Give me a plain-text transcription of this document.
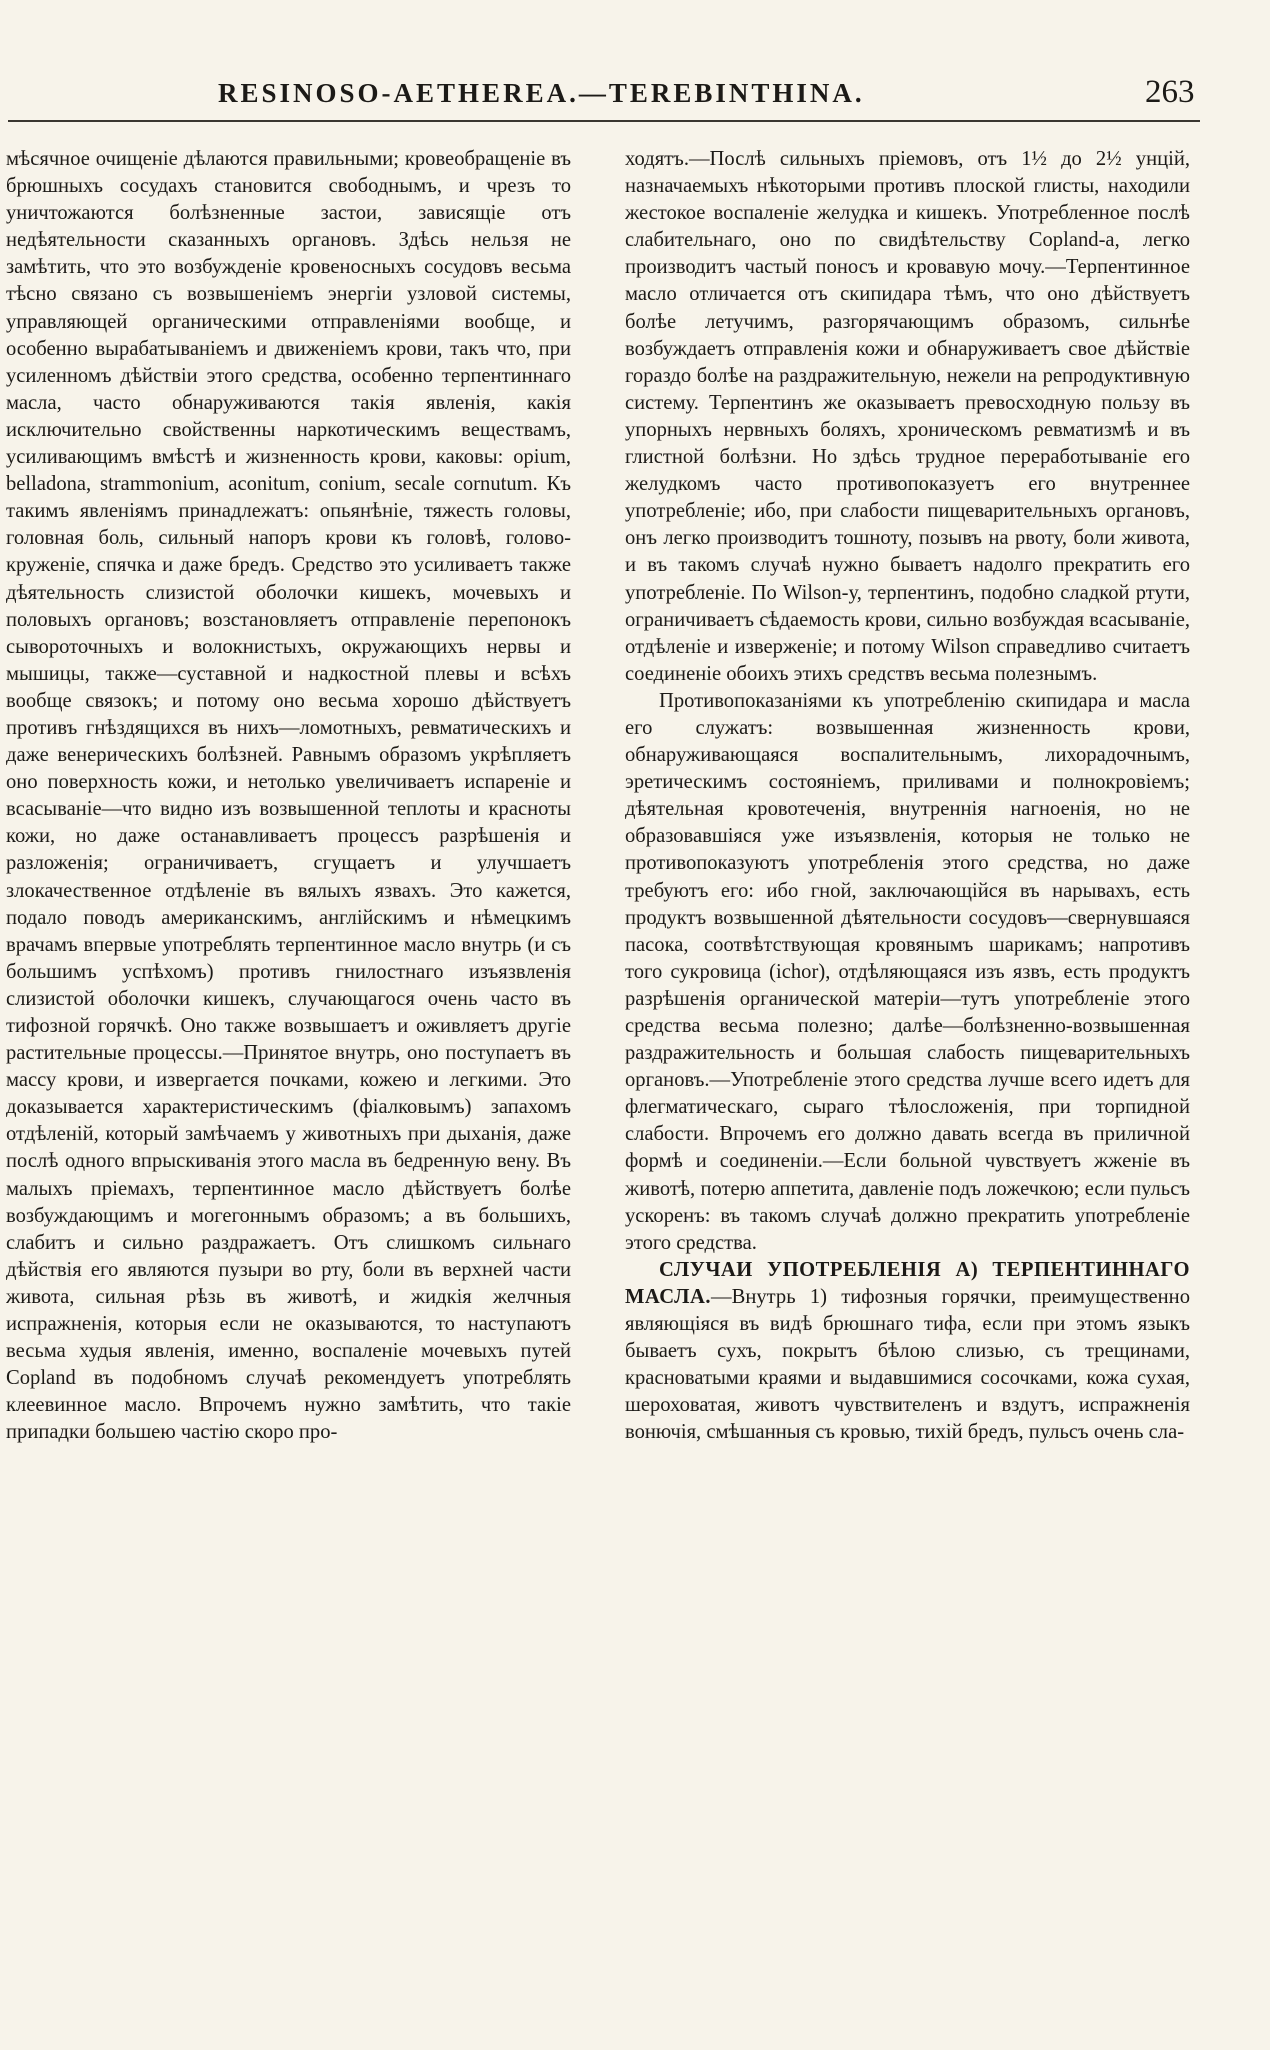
RESINOSO-AETHEREA.—TEREBINTHINA.	263

мѣсячное очищеніе дѣлаются правильными; кровеобращеніе въ брюшныхъ сосудахъ становится свободнымъ, и чрезъ то уничтожаются болѣзненные застои, зависящіе отъ недѣятельности сказанныхъ органовъ. Здѣсь нельзя не замѣтить, что это возбужденіе кровеносныхъ сосудовъ весьма тѣсно связано съ возвышеніемъ энергіи узловой системы, управляющей органическими отправленіями вообще, и особенно вырабатываніемъ и движеніемъ крови, такъ что, при усиленномъ дѣйствіи этого средства, особенно терпентиннаго масла, часто обнаруживаются такія явленія, какія исключительно свойственны наркотическимъ веществамъ, усиливающимъ вмѣстѣ и жизненность крови, каковы: opium, belladona, strammonium, aconitum, conium, secale cornutum. Къ такимъ явленіямъ принадлежатъ: опьянѣніе, тяжесть головы, головная боль, сильный напоръ крови къ головѣ, голово-круженіе, спячка и даже бредъ. Средство это усиливаетъ также дѣятельность слизистой оболочки кишекъ, мочевыхъ и половыхъ органовъ; возстановляетъ отправленіе перепонокъ сывороточныхъ и волокнистыхъ, окружающихъ нервы и мышицы, также—суставной и надкостной плевы и всѣхъ вообще связокъ; и потому оно весьма хорошо дѣйствуетъ противъ гнѣздящихся въ нихъ—ломотныхъ, ревматическихъ и даже венерическихъ болѣзней. Равнымъ образомъ укрѣпляетъ оно поверхность кожи, и нетолько увеличиваетъ испареніе и всасываніе—что видно изъ возвышенной теплоты и красноты кожи, но даже останавливаетъ процессъ разрѣшенія и разложенія; ограничиваетъ, сгущаетъ и улучшаетъ злокачественное отдѣленіе въ вялыхъ язвахъ. Это кажется, подало поводъ американскимъ, англійскимъ и нѣмецкимъ врачамъ впервые употреблять терпентинное масло внутрь (и съ большимъ успѣхомъ) противъ гнилостнаго изъязвленія слизистой оболочки кишекъ, случающагося очень часто въ тифозной горячкѣ. Оно также возвышаетъ и оживляетъ другіе растительные процессы.—Принятое внутрь, оно поступаетъ въ массу крови, и извергается почками, кожею и легкими. Это доказывается характеристическимъ (фіалковымъ) запахомъ отдѣленій, который замѣчаемъ у животныхъ при дыханія, даже послѣ одного впрыскиванія этого масла въ бедренную вену. Въ малыхъ пріемахъ, терпентинное масло дѣйствуетъ болѣе возбуждающимъ и могегоннымъ образомъ; а въ большихъ, слабитъ и сильно раздражаетъ. Отъ слишкомъ сильнаго дѣйствія его являются пузыри во рту, боли въ верхней части живота, сильная рѣзь въ животѣ, и жидкія желчныя испражненія, которыя если не оказываются, то наступаютъ весьма худыя явленія, именно, воспаленіе мочевыхъ путей Copland въ подобномъ случаѣ рекомендуетъ употреблять клеевинное масло. Впрочемъ нужно замѣтить, что такіе припадки большею частію скоро про-

ходятъ.—Послѣ сильныхъ пріемовъ, отъ 1½ до 2½ унцій, назначаемыхъ нѣкоторыми противъ плоской глисты, находили жестокое воспаленіе желудка и кишекъ. Употребленное послѣ слабительнаго, оно по свидѣтельству Copland-а, легко производитъ частый поносъ и кровавую мочу.—Терпентинное масло отличается отъ скипидара тѣмъ, что оно дѣйствуетъ болѣе летучимъ, разгорячающимъ образомъ, сильнѣе возбуждаетъ отправленія кожи и обнаруживаетъ свое дѣйствіе гораздо болѣе на раздражительную, нежели на репродуктивную систему. Терпентинъ же оказываетъ превосходную пользу въ упорныхъ нервныхъ боляхъ, хроническомъ ревматизмѣ и въ глистной болѣзни. Но здѣсь трудное переработываніе его желудкомъ часто противопоказуетъ его внутреннее употребленіе; ибо, при слабости пищеварительныхъ органовъ, онъ легко производитъ тошноту, позывъ на рвоту, боли живота, и въ такомъ случаѣ нужно бываетъ надолго прекратить его употребленіе. По Wilson-у, терпентинъ, подобно сладкой ртути, ограничиваетъ сѣдаемость крови, сильно возбуждая всасываніе, отдѣленіе и изверженіе; и потому Wilson справедливо считаетъ соединеніе обоихъ этихъ средствъ весьма полезнымъ.

Противопоказаніями къ употребленію скипидара и масла его служатъ: возвышенная жизненность крови, обнаруживающаяся воспалительнымъ, лихорадочнымъ, эретическимъ состояніемъ, приливами и полнокровіемъ; дѣятельная кровотеченія, внутреннія нагноенія, но не образовавшіяся уже изъязвленія, которыя не только не противопоказуютъ употребленія этого средства, но даже требуютъ его: ибо гной, заключающійся въ нарывахъ, есть продуктъ возвышенной дѣятельности сосудовъ—свернувшаяся пасока, соотвѣтствующая кровянымъ шарикамъ; напротивъ того сукровица (ichor), отдѣляющаяся изъ язвъ, есть продуктъ разрѣшенія органической матеріи—тутъ употребленіе этого средства весьма полезно; далѣе—болѣзненно-возвышенная раздражительность и большая слабость пищеварительныхъ органовъ.—Употребленіе этого средства лучше всего идетъ для флегматическаго, сыраго тѣлосложенія, при торпидной слабости. Впрочемъ его должно давать всегда въ приличной формѣ и соединеніи.—Если больной чувствуетъ жженіе въ животѣ, потерю аппетита, давленіе подъ ложечкою; если пульсъ ускоренъ: въ такомъ случаѣ должно прекратить употребленіе этого средства.

СЛУЧАИ УПОТРЕБЛЕНІЯ А) ТЕРПЕНТИННАГО МАСЛА.—Внутрь 1) тифозныя горячки, преимущественно являющіяся въ видѣ брюшнаго тифа, если при этомъ языкъ бываетъ сухъ, покрытъ бѣлою слизью, съ трещинами, красноватыми краями и выдавшимися сосочками, кожа сухая, шероховатая, животъ чувствителенъ и вздутъ, испражненія вонючія, смѣшанныя съ кровью, тихій бредъ, пульсъ очень сла-
